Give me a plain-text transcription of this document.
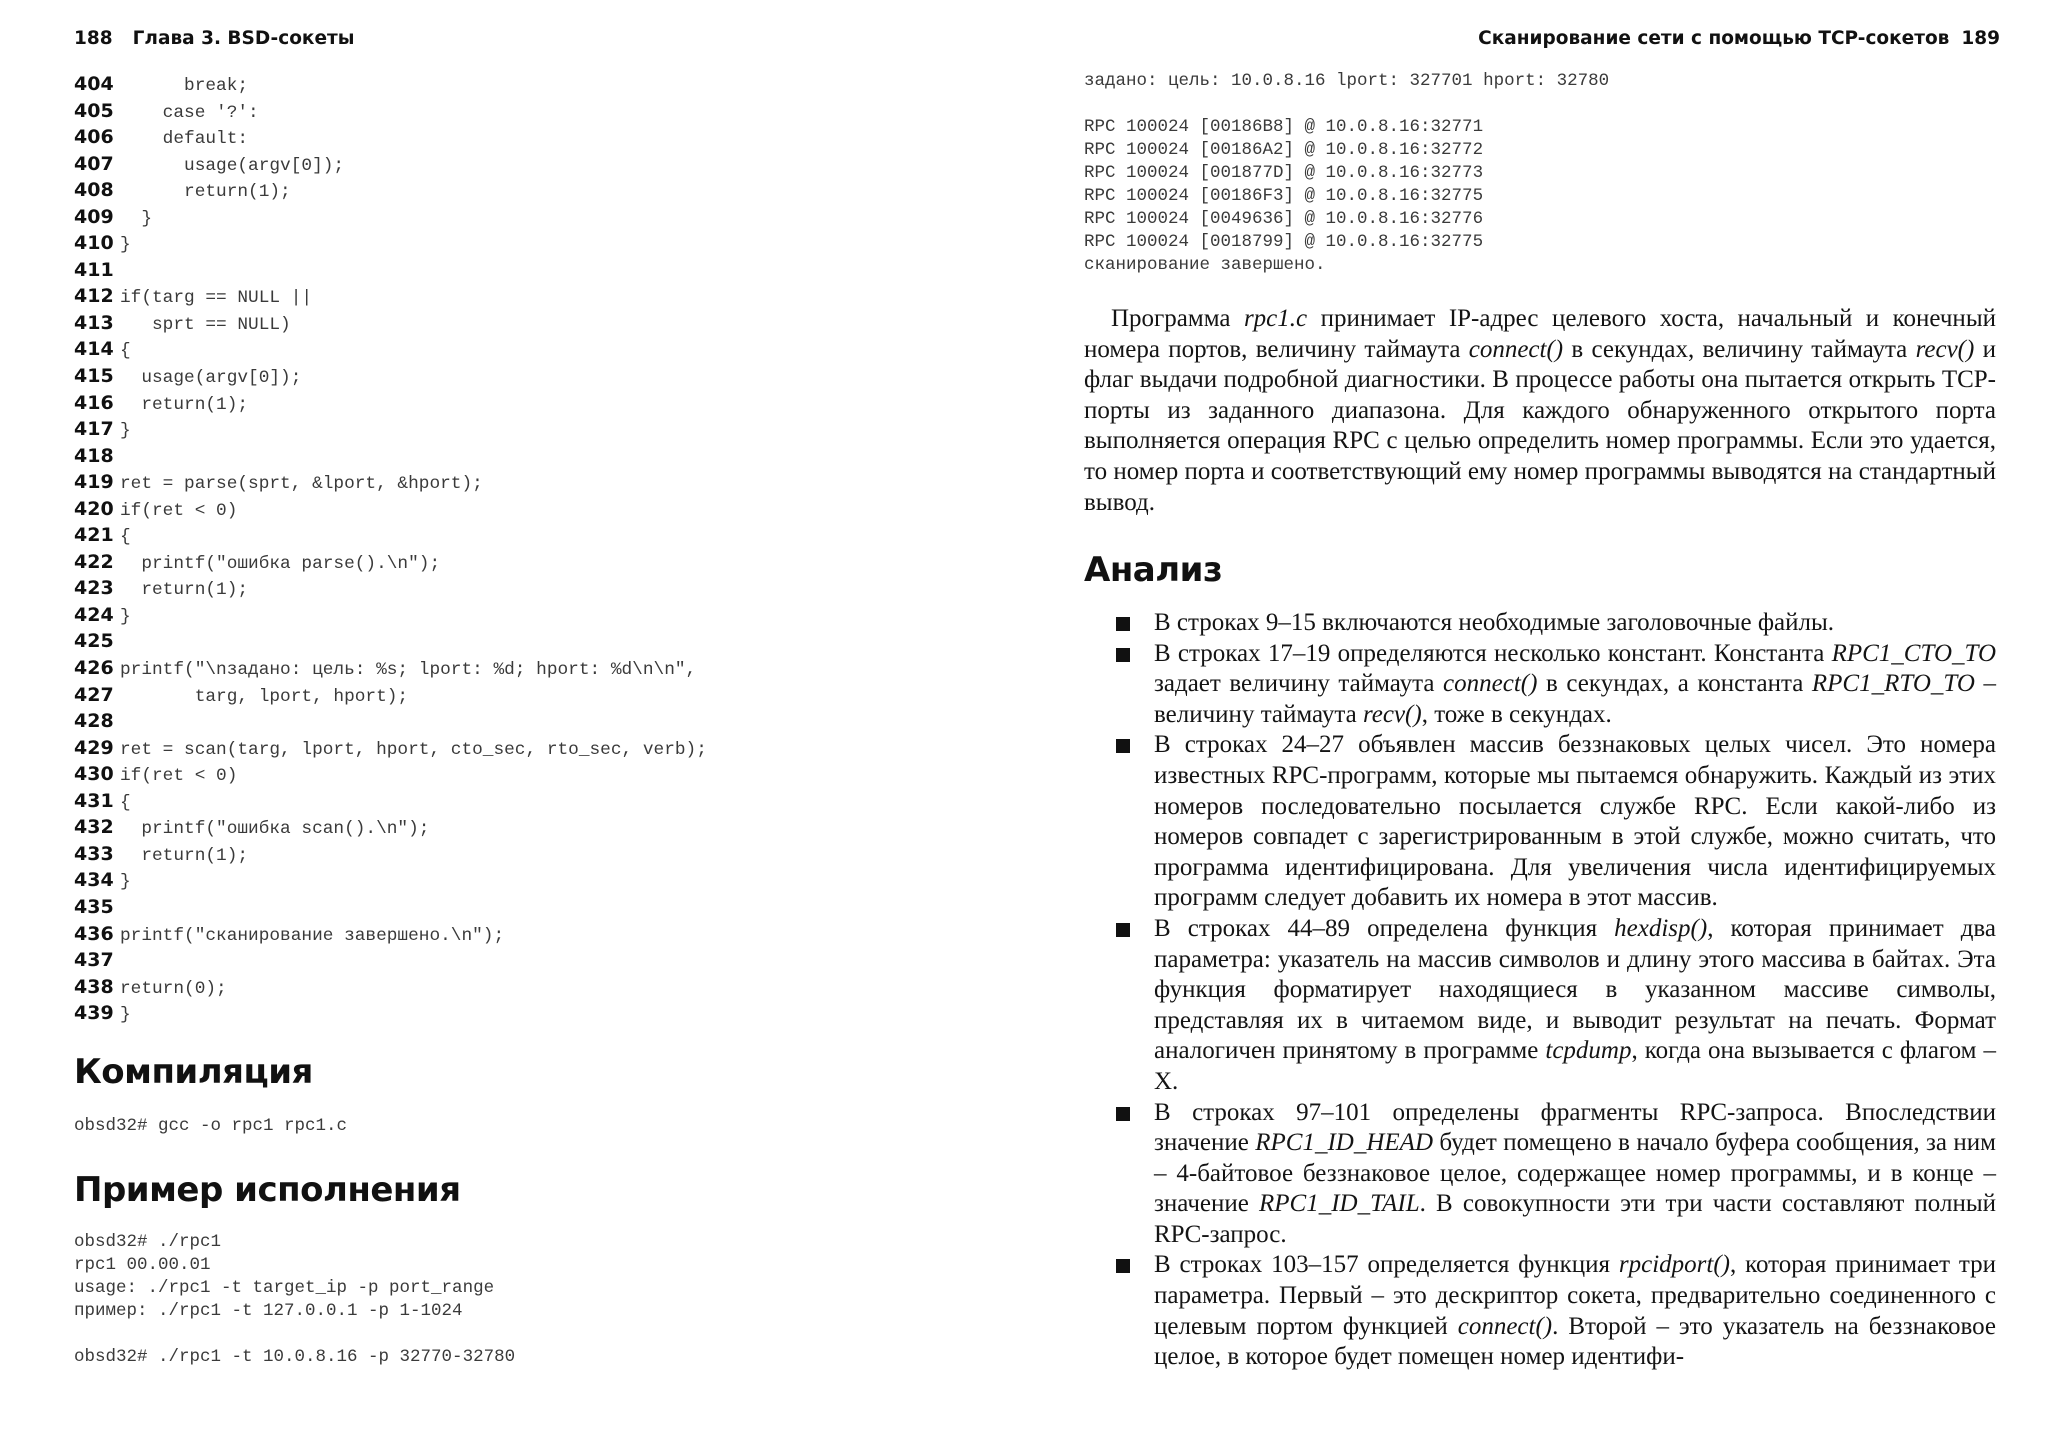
188 Глава 3. BSD-сокеты
404      break;
405    case '?':
406    default:
407      usage(argv[0]);
408      return(1);
409  }
410 }
411
412 if(targ == NULL ||
413   sprt == NULL)
414 {
415  usage(argv[0]);
416  return(1);
417 }
418
419 ret = parse(sprt, &lport, &hport);
420 if(ret < 0)
421 {
422  printf("ошибка parse().\n");
423  return(1);
424 }
425
426 printf("\nзадано: цель: %s; lport: %d; hport: %d\n\n",
427       targ, lport, hport);
428
429 ret = scan(targ, lport, hport, cto_sec, rto_sec, verb);
430 if(ret < 0)
431 {
432  printf("ошибка scan().\n");
433  return(1);
434 }
435
436 printf("сканирование завершено.\n");
437
438 return(0);
439 }
Компиляция
obsd32# gcc -o rpc1 rpc1.c
Пример исполнения
obsd32# ./rpc1
rpc1 00.00.01
usage: ./rpc1 -t target_ip -p port_range
пример: ./rpc1 -t 127.0.0.1 -p 1-1024
obsd32# ./rpc1 -t 10.0.8.16 -p 32770-32780
Сканирование сети с помощью TCP-сокетов 189
задано: цель: 10.0.8.16 lport: 327701 hport: 32780
RPC 100024 [00186B8] @ 10.0.8.16:32771
RPC 100024 [00186A2] @ 10.0.8.16:32772
RPC 100024 [001877D] @ 10.0.8.16:32773
RPC 100024 [00186F3] @ 10.0.8.16:32775
RPC 100024 [0049636] @ 10.0.8.16:32776
RPC 100024 [0018799] @ 10.0.8.16:32775
сканирование завершено.

Программа rpc1.c принимает IP-адрес целевого хоста, начальный и конечный номера портов, величину таймаута connect() в секундах, величину таймаута recv() и флаг выдачи подробной диагностики. В процессе работы она пытается открыть TCP-порты из заданного диапазона. Для каждого обнаруженного открытого порта выполняется операция RPC с целью определить номер программы. Если это удается, то номер порта и соответствующий ему номер программы выводятся на стандартный вывод.

Анализ

В строках 9–15 включаются необходимые заголовочные файлы.

В строках 17–19 определяются несколько констант. Константа RPC1_CTO_TO задает величину таймаута connect() в секундах, а константа RPC1_RTO_TO – величину таймаута recv(), тоже в секундах.

В строках 24–27 объявлен массив беззнаковых целых чисел. Это номера известных RPC-программ, которые мы пытаемся обнаружить. Каждый из этих номеров последовательно посылается службе RPC. Если какой-либо из номеров совпадет с зарегистрированным в этой службе, можно считать, что программа идентифицирована. Для увеличения числа идентифицируемых программ следует добавить их номера в этот массив.

В строках 44–89 определена функция hexdisp(), которая принимает два параметра: указатель на массив символов и длину этого массива в байтах. Эта функция форматирует находящиеся в указанном массиве символы, представляя их в читаемом виде, и выводит результат на печать. Формат аналогичен принятому в программе tcpdump, когда она вызывается с флагом –X.

В строках 97–101 определены фрагменты RPC-запроса. Впоследствии значение RPC1_ID_HEAD будет помещено в начало буфера сообщения, за ним – 4-байтовое беззнаковое целое, содержащее номер программы, и в конце – значение RPC1_ID_TAIL. В совокупности эти три части составляют полный RPC-запрос.

В строках 103–157 определяется функция rpcidport(), которая принимает три параметра. Первый – это дескриптор сокета, предварительно соединенного с целевым портом функцией connect(). Второй – это указатель на беззнаковое целое, в которое будет помещен номер идентифи-
